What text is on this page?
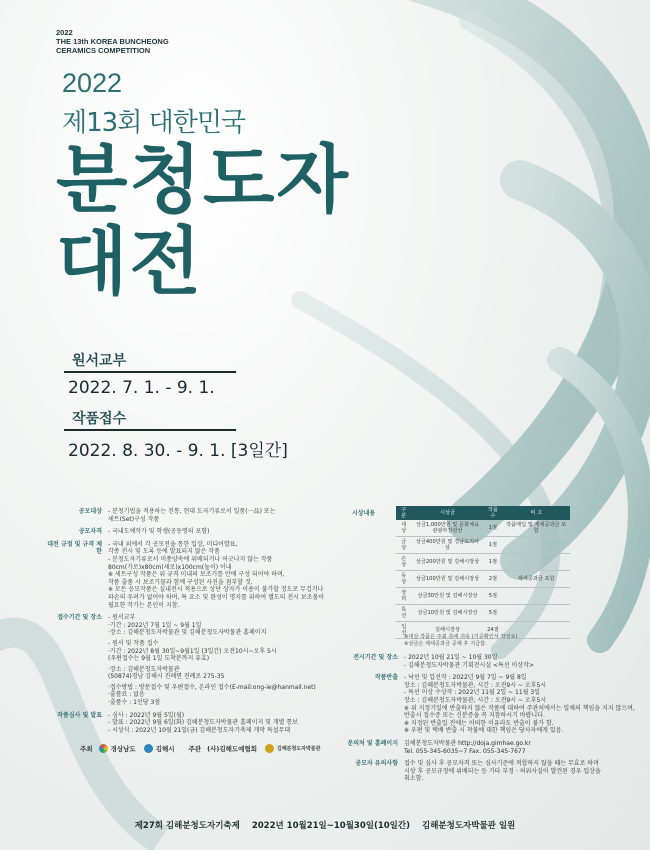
2022
THE 13th KOREA BUNCHEONG
CERAMICS COMPETITION
2022
제13회 대한민국
분청도자
대전
원서교부
2022. 7. 1. - 9. 1.
작품접수
2022. 8. 30. - 9. 1. [3일간]
공모대상	- 분청기법을 적용하는 전통, 현대 도자기류로서 일품(一品) 또는
세트(Set)구성 작품
공모자격	- 국내도예작가 및 학생(공동명의 포함)
대전 규정 및 규격 제한
- 국내 외에서 각 공모전을 통한 입상, 미디어발표,
각종 전시 및 도록 등에 발표되지 않은 작품
- 분청도자기류로서 미풍양속에 위배되거나 어긋나지 않는 작품
80cm(가로)x80cm(세로)x100cm(높이) 이내
※ 세트구성 작품은 위 규격 이내의 보조기를 안에 구성 되어야 하며,
작품 출품 시 보조기물과 함께 구성된 사진을 첨부할 것.
※ 모든 응모작품은 실내전시 적용으로 상단 상자가 이용이 불가할 정도로 무겁거나
파손의 우려가 없어야 하며, 특 요소 및 완성이 명지를 위하여 별도의 전시 보조물이
필요한 작가는 본인이 지참.
접수기간 및 장소	- 원서교부
·기간 : 2022년 7월 1일 ~ 9월 1일
·장소 : 김해분청도자박물관 및 김해분청도자박물관 홈페이지
- 원서 및 작품 접수
·기간 : 2022년 8월 30일~9월1일 (3일간) 오전10시~오후 5시
(우편접수는 9월 1일 도착분까지 유효)
·장소 : 김해분청도자박물관
(50874)경남 김해시 진례면 전례로 275-35
·접수방법 : 방문접수 및 우편접수, 온라인 접수(E-mail:ong-ie@hanmail.net)
·출품료 : 없음
·출품수 : 1인당 3점
작품심사 및 발표	- 심사 : 2022년 9월 5일(월)
- 발표 : 2022년 9월 6일(화) 김해분청도자박물관 홈페이지 및 개별 통보
- 시상식 : 2022년 10월 21일(금) 김해분청도자기축제 개막 특설무대
시상내용	구 분	시상금	작품수	비 고
대 상	상금1,000만원 및 문화체육관광부장관상	1점	작품매입 및 제세공과금 포함
금 상	상금400만원 및 경남도지사상	1점	
은 상	상금200만원 및 김해시장상	1점	
동 상	상금100만원 및 김해시장상	2점	제세공과금 포함
장 려	상금30만원 및 김해시장상	5점	
특 선	상금10만원 및 김해시장상	5점	
입 선	김해시장상	24점	
※대상 작품은 주최 측에 귀속 (기증확인서 작성요)
※상금은 제세공과금 공제 후 지급함.
전시기간 및 장소	- 2022년 10월 21일 ~ 10월 30일
- 김해분청도자박물관 기획전시실 <특선 이상작>
작품반출	- 낙선 및 입선작 : 2022년 9월 7일 ~ 9월 8일
장소 : 김해분청도자박물관, 시간 : 오전9시 ~ 오후5시
- 특선 이상 수상작 : 2022년 11월 2일 ~ 11월 3일
장소 : 김해분청도자박물관, 시간 : 오전9시 ~ 오후5시
※ 위 지정기일에 반출하지 않은 작품에 대하여 주관처에서는 일체의 책임을 지지 않으며,
반출시 접수증 또는 신분증을 꼭 지참하시기 바랍니다.
※ 지정된 반출일 전에는 어떠한 이유라도 반출이 불가 함.
※ 우편 및 택배 반출 시 착불에 대한 책임은 당사자에게 있음.
문의처 및 홈페이지	김해분청도자박물관 http://doja.gimhae.go.kr
Tel. 055-345-6035~7 Fax. 055-345-7677
공모자 유의사항	접수 및 심사 후 공모자격 또는 심사기준에 적합하지 않을 때는 무효로 하며
시상 후 공모규정에 위배되는 등 기타 부정 · 허위사실이 발견된 경우 입상을
취소함.
주최	경상남도	김해시 주관 (사)김해도예협회	김해분청도자박물관
제27회 김해분청도자기축제 2022년 10월21일~10월30일(10일간) 김해분청도자박물관 일원
